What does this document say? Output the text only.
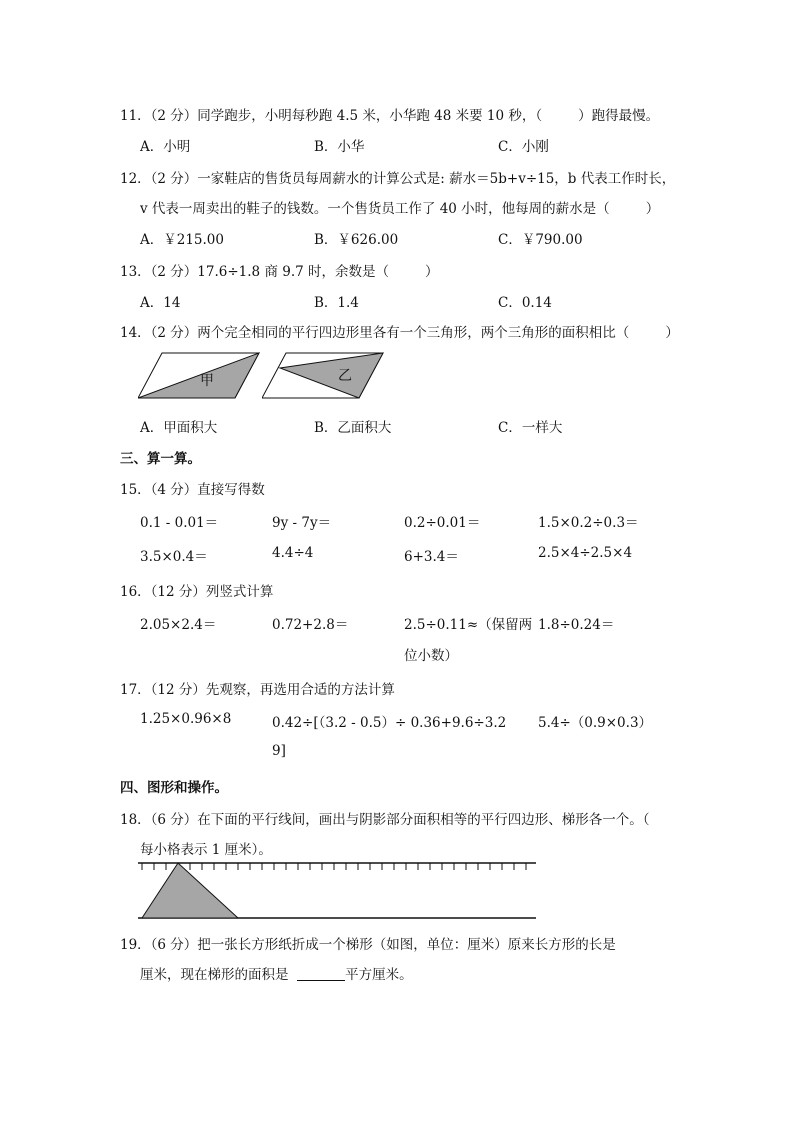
11．（2 分）同学跑步，小明每秒跑 4.5 米，小华跑 48 米要 10 秒，（	）跑得最慢。
A．小明	B．小华	C．小刚
12．（2 分）一家鞋店的售货员每周薪水的计算公式是: 薪水＝5b+v÷15，b 代表工作时长，
v 代表一周卖出的鞋子的钱数。一个售货员工作了 40 小时，他每周的薪水是（	）
A．￥215.00	B．￥626.00	C．￥790.00
13．（2 分）17.6÷1.8 商 9.7 时，余数是（	）
A．14	B．1.4	C．0.14
14．（2 分）两个完全相同的平行四边形里各有一个三角形，两个三角形的面积相比（	）
甲	乙
A．甲面积大	B．乙面积大	C．一样大
三、算一算。
15．（4 分）直接写得数
0.1 - 0.01＝	9y - 7y＝	0.2÷0.01＝	1.5×0.2÷0.3＝
3.5×0.4＝	4.4÷4	6+3.4＝	2.5×4÷2.5×4
16．（12 分）列竖式计算
2.05×2.4＝	0.72+2.8＝	2.5÷0.11≈（保留两 1.8÷0.24＝
位小数）
17．（12 分）先观察，再选用合适的方法计算
1.25×0.96×8	0.42÷[（3.2 - 0.5）÷ 0.36+9.6÷3.2 5.4÷（0.9×0.3）
9]
四、图形和操作。
18．（6 分）在下面的平行线间，画出与阴影部分面积相等的平行四边形、梯形各一个。（
每小格表示 1 厘米）。
19．（6 分）把一张长方形纸折成一个梯形（如图，单位：厘米）原来长方形的长是
厘米，现在梯形的面积是	平方厘米。
